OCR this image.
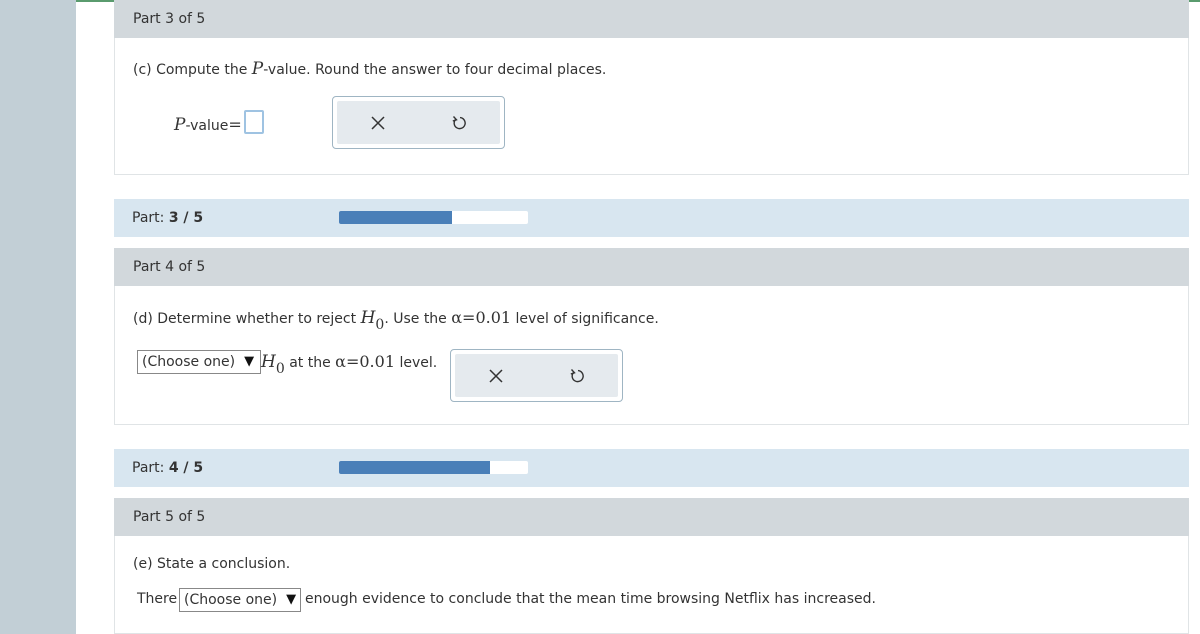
Part 3 of 5
(c) Compute the P-value. Round the answer to four decimal places.
P-value=
Part: 3 / 5
Part 4 of 5
(d) Determine whether to reject H0. Use the α=0.01 level of significance.
(Choose one) ▼ H0 at the α=0.01 level.
Part: 4 / 5
Part 5 of 5
(e) State a conclusion.
There (Choose one) ▼ enough evidence to conclude that the mean time browsing Netflix has increased.
